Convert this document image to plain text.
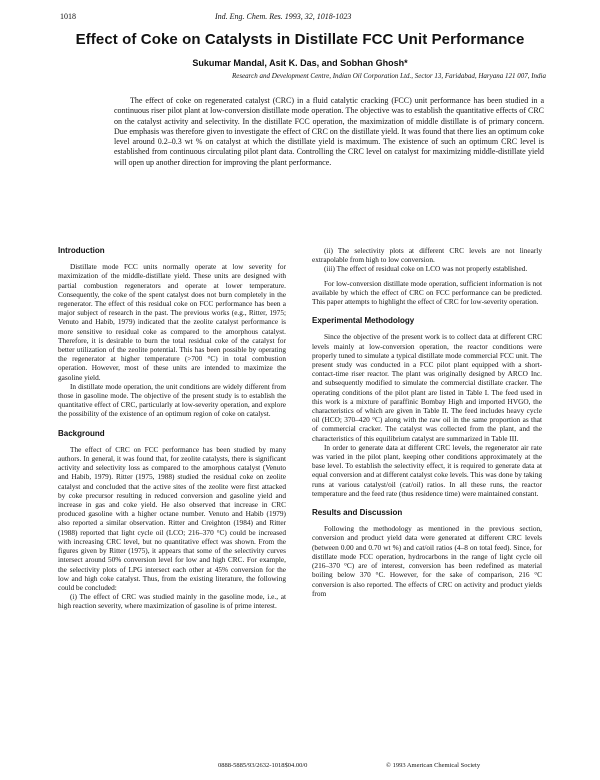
1018	Ind. Eng. Chem. Res. 1993, 32, 1018-1023
Effect of Coke on Catalysts in Distillate FCC Unit Performance
Sukumar Mandal, Asit K. Das, and Sobhan Ghosh*
Research and Development Centre, Indian Oil Corporation Ltd., Sector 13, Faridabad, Haryana 121 007, India

The effect of coke on regenerated catalyst (CRC) in a fluid catalytic cracking (FCC) unit performance has been studied in a continuous riser pilot plant at low-conversion distillate mode operation. The objective was to establish the quantitative effects of CRC on the catalyst activity and selectivity. In the distillate FCC operation, the maximization of middle distillate is of primary concern. Due emphasis was therefore given to investigate the effect of CRC on the distillate yield. It was found that there lies an optimum coke level around 0.2–0.3 wt % on catalyst at which the distillate yield is maximum. The existence of such an optimum CRC level is established from continuous circulating pilot plant data. Controlling the CRC level on catalyst for maximizing middle-distillate yield will open up another direction for improving the plant performance.

Introduction

Distillate mode FCC units normally operate at low severity for maximization of the middle-distillate yield. These units are designed with partial combustion regenerators and operate at lower temperature. Consequently, the coke of the spent catalyst does not burn completely in the regenerator. The effect of this residual coke on FCC performance has been a major subject of research in the past. The previous works (e.g., Ritter, 1975; Venuto and Habib, 1979) indicated that the zeolite catalyst performance is more sensitive to residual coke as compared to the amorphous catalyst. Therefore, it is desirable to burn the total residual coke of the catalyst for better utilization of the zeolite potential. This has been possible by operating the regenerator at higher temperature (>700 °C) in total combustion operation. However, most of these units are intended to maximize the gasoline yield.

In distillate mode operation, the unit conditions are widely different from those in gasoline mode. The objective of the present study is to establish the quantitative effect of CRC, particularly at low-severity operation, and explore the possibility of the existence of an optimum region of coke on catalyst.

Background

The effect of CRC on FCC performance has been studied by many authors. In general, it was found that, for zeolite catalysts, there is significant activity and selectivity loss as compared to the amorphous catalyst (Venuto and Habib, 1979). Ritter (1975, 1988) studied the residual coke on zeolite catalyst and concluded that the active sites of the zeolite were first attacked by coke precursor resulting in reduced conversion and gasoline yield and increase in gas and coke yield. He also observed that increase in CRC produced gasoline with a higher octane number. Venuto and Habib (1979) also reported a similar observation. Ritter and Creighton (1984) and Ritter (1988) reported that light cycle oil (LCO; 216–370 °C) could be increased with increasing CRC level, but no quantitative effect was shown. From the figures given by Ritter (1975), it appears that some of the selectivity curves intersect around 50% conversion level for low and high CRC. For example, the selectivity plots of LPG intersect each other at 45% conversion for the low and high coke catalyst. Thus, from the existing literature, the following could be concluded:

(i) The effect of CRC was studied mainly in the gasoline mode, i.e., at high reaction severity, where maximization of gasoline is of prime interest.

(ii) The selectivity plots at different CRC levels are not linearly extrapolable from high to low conversion.

(iii) The effect of residual coke on LCO was not properly established.

For low-conversion distillate mode operation, sufficient information is not available by which the effect of CRC on FCC performance can be predicted. This paper attempts to highlight the effect of CRC for low-severity operation.

Experimental Methodology

Since the objective of the present work is to collect data at different CRC levels mainly at low-conversion operation, the reactor conditions were properly tuned to simulate a typical distillate mode commercial FCC unit. The present study was conducted in a FCC pilot plant equipped with a short-contact-time riser reactor. The plant was originally designed by ARCO Inc. and subsequently modified to simulate the commercial distillate cracker. The operating conditions of the pilot plant are listed in Table I. The feed used in this work is a mixture of paraffinic Bombay High and imported HVGO, the characteristics of which are given in Table II. The feed includes heavy cycle oil (HCO; 370–420 °C) along with the raw oil in the same proportion as that of commercial cracker. The catalyst was collected from the plant, and the characteristics of this equilibrium catalyst are summarized in Table III.

In order to generate data at different CRC levels, the regenerator air rate was varied in the pilot plant, keeping other conditions approximately at the base level. To establish the selectivity effect, it is required to generate data at equal conversion and at different catalyst coke levels. This was done by taking runs at various catalyst/oil (cat/oil) ratios. In all these runs, the reactor temperature and the feed rate (thus residence time) were maintained constant.

Results and Discussion

Following the methodology as mentioned in the previous section, conversion and product yield data were generated at different CRC levels (between 0.00 and 0.70 wt %) and cat/oil ratios (4–8 on total feed). Since, for distillate mode FCC operation, hydrocarbons in the range of light cycle oil (216–370 °C) are of interest, conversion has been redefined as material boiling below 370 °C. However, for the sake of comparison, 216 °C conversion is also reported. The effects of CRC on activity and product yields from

0888-5885/93/2632-1018$04.00/0	© 1993 American Chemical Society
